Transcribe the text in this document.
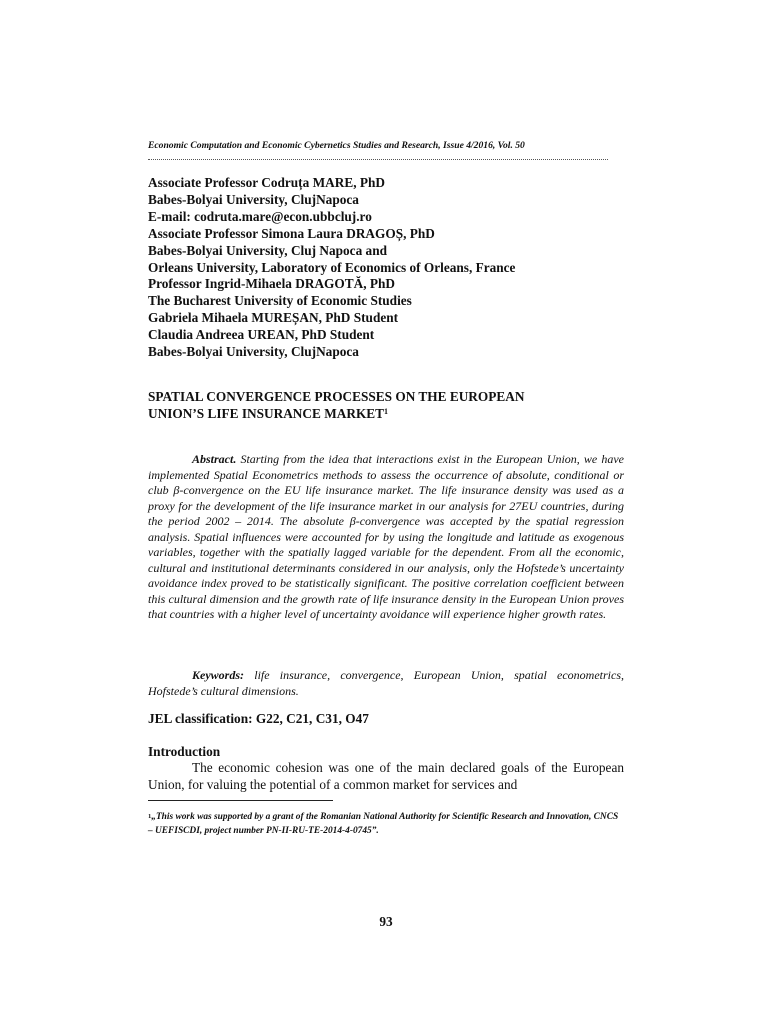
Economic Computation and Economic Cybernetics Studies and Research, Issue 4/2016, Vol. 50
Associate Professor Codruța MARE, PhD
Babes-Bolyai University, ClujNapoca
E-mail: codruta.mare@econ.ubbcluj.ro
Associate Professor Simona Laura DRAGOȘ, PhD
Babes-Bolyai University, Cluj Napoca and
Orleans University, Laboratory of Economics of Orleans, France
Professor Ingrid-Mihaela DRAGOTĂ, PhD
The Bucharest University of Economic Studies
Gabriela Mihaela MUREȘAN, PhD Student
Claudia Andreea UREAN, PhD Student
Babes-Bolyai University, ClujNapoca
SPATIAL CONVERGENCE PROCESSES ON THE EUROPEAN
UNION’S LIFE INSURANCE MARKET$^1$
Abstract. Starting from the idea that interactions exist in the European Union, we have implemented Spatial Econometrics methods to assess the occurrence of absolute, conditional or club β-convergence on the EU life insurance market. The life insurance density was used as a proxy for the development of the life insurance market in our analysis for 27EU countries, during the period 2002 – 2014. The absolute β-convergence was accepted by the spatial regression analysis. Spatial influences were accounted for by using the longitude and latitude as exogenous variables, together with the spatially lagged variable for the dependent. From all the economic, cultural and institutional determinants considered in our analysis, only the Hofstede’s uncertainty avoidance index proved to be statistically significant. The positive correlation coefficient between this cultural dimension and the growth rate of life insurance density in the European Union proves that countries with a higher level of uncertainty avoidance will experience higher growth rates.
Keywords: life insurance, convergence, European Union, spatial econometrics, Hofstede’s cultural dimensions.
JEL classification: G22, C21, C31, O47
Introduction
The economic cohesion was one of the main declared goals of the European Union, for valuing the potential of a common market for services and
$^1$„This work was supported by a grant of the Romanian National Authority for Scientific Research and Innovation, CNCS – UEFISCDI, project number PN-II-RU-TE-2014-4-0745”.
93
